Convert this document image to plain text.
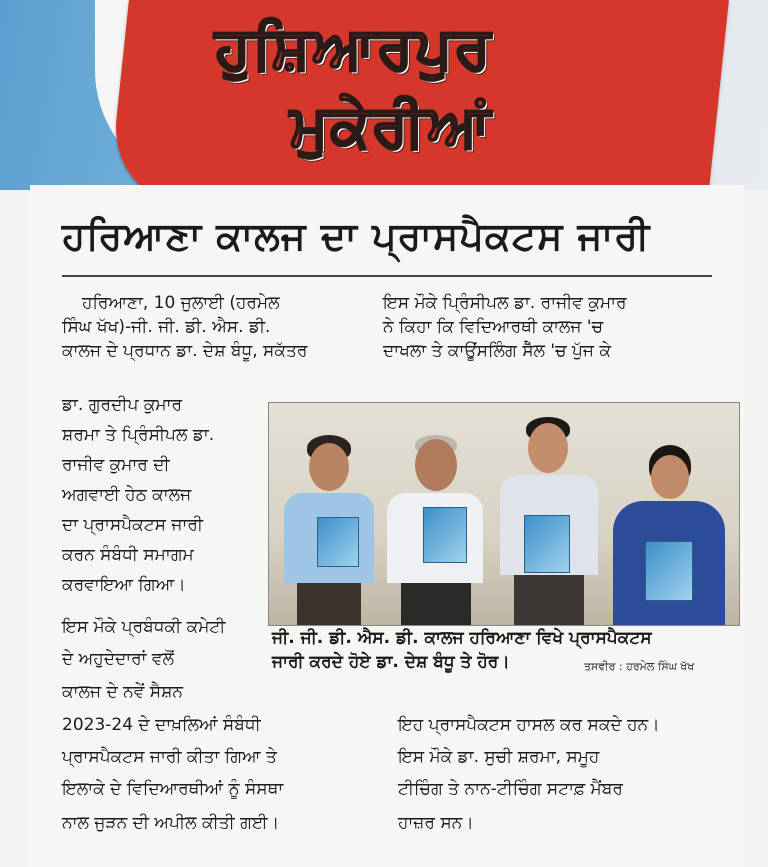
ਹੁਸ਼ਿਆਰਪੁਰ
ਮੁਕੇਰੀਆਂ
ਹਰਿਆਣਾ ਕਾਲਜ ਦਾ ਪ੍ਰਾਸਪੈਕਟਸ ਜਾਰੀ
ਹਰਿਆਣਾ, 10 ਜੁਲਾਈ (ਹਰਮੇਲ
ਸਿੰਘ ਖੱਖ)-ਜੀ. ਜੀ. ਡੀ. ਐਸ. ਡੀ.
ਕਾਲਜ ਦੇ ਪ੍ਰਧਾਨ ਡਾ. ਦੇਸ਼ ਬੰਧੂ, ਸਕੱਤਰ
ਇਸ ਮੌਕੇ ਪ੍ਰਿੰਸੀਪਲ ਡਾ. ਰਾਜੀਵ ਕੁਮਾਰ
ਨੇ ਕਿਹਾ ਕਿ ਵਿਦਿਆਰਥੀ ਕਾਲਜ 'ਚ
ਦਾਖਲਾ ਤੇ ਕਾਊਂਸਲਿੰਗ ਸੈੱਲ 'ਚ ਪੁੱਜ ਕੇ
ਡਾ. ਗੁਰਦੀਪ ਕੁਮਾਰ
ਸ਼ਰਮਾ ਤੇ ਪ੍ਰਿੰਸੀਪਲ ਡਾ.
ਰਾਜੀਵ ਕੁਮਾਰ ਦੀ
ਅਗਵਾਈ ਹੇਠ ਕਾਲਜ
ਦਾ ਪ੍ਰਾਸਪੈਕਟਸ ਜਾਰੀ
ਕਰਨ ਸੰਬੰਧੀ ਸਮਾਗਮ
ਕਰਵਾਇਆ ਗਿਆ।
ਇਸ ਮੌਕੇ ਪ੍ਰਬੰਧਕੀ ਕਮੇਟੀ
ਦੇ ਅਹੁਦੇਦਾਰਾਂ ਵਲੋਂ
ਕਾਲਜ ਦੇ ਨਵੇਂ ਸੈਸ਼ਨ
ਜੀ. ਜੀ. ਡੀ. ਐਸ. ਡੀ. ਕਾਲਜ ਹਰਿਆਣਾ ਵਿਖੇ ਪ੍ਰਾਸਪੈਕਟਸ
ਜਾਰੀ ਕਰਦੇ ਹੋਏ ਡਾ. ਦੇਸ਼ ਬੰਧੂ ਤੇ ਹੋਰ।	ਤਸਵੀਰ : ਹਰਮੇਲ ਸਿੰਘ ਖੱਖ
2023-24 ਦੇ ਦਾਖ਼ਲਿਆਂ ਸੰਬੰਧੀ
ਪ੍ਰਾਸਪੈਕਟਸ ਜਾਰੀ ਕੀਤਾ ਗਿਆ ਤੇ
ਇਲਾਕੇ ਦੇ ਵਿਦਿਆਰਥੀਆਂ ਨੂੰ ਸੰਸਥਾ
ਨਾਲ ਜੁੜਨ ਦੀ ਅਪੀਲ ਕੀਤੀ ਗਈ।
ਇਹ ਪ੍ਰਾਸਪੈਕਟਸ ਹਾਸਲ ਕਰ ਸਕਦੇ ਹਨ।
ਇਸ ਮੌਕੇ ਡਾ. ਸੁਚੀ ਸ਼ਰਮਾ, ਸਮੂਹ
ਟੀਚਿੰਗ ਤੇ ਨਾਨ-ਟੀਚਿੰਗ ਸਟਾਫ਼ ਮੈਂਬਰ
ਹਾਜ਼ਰ ਸਨ।
